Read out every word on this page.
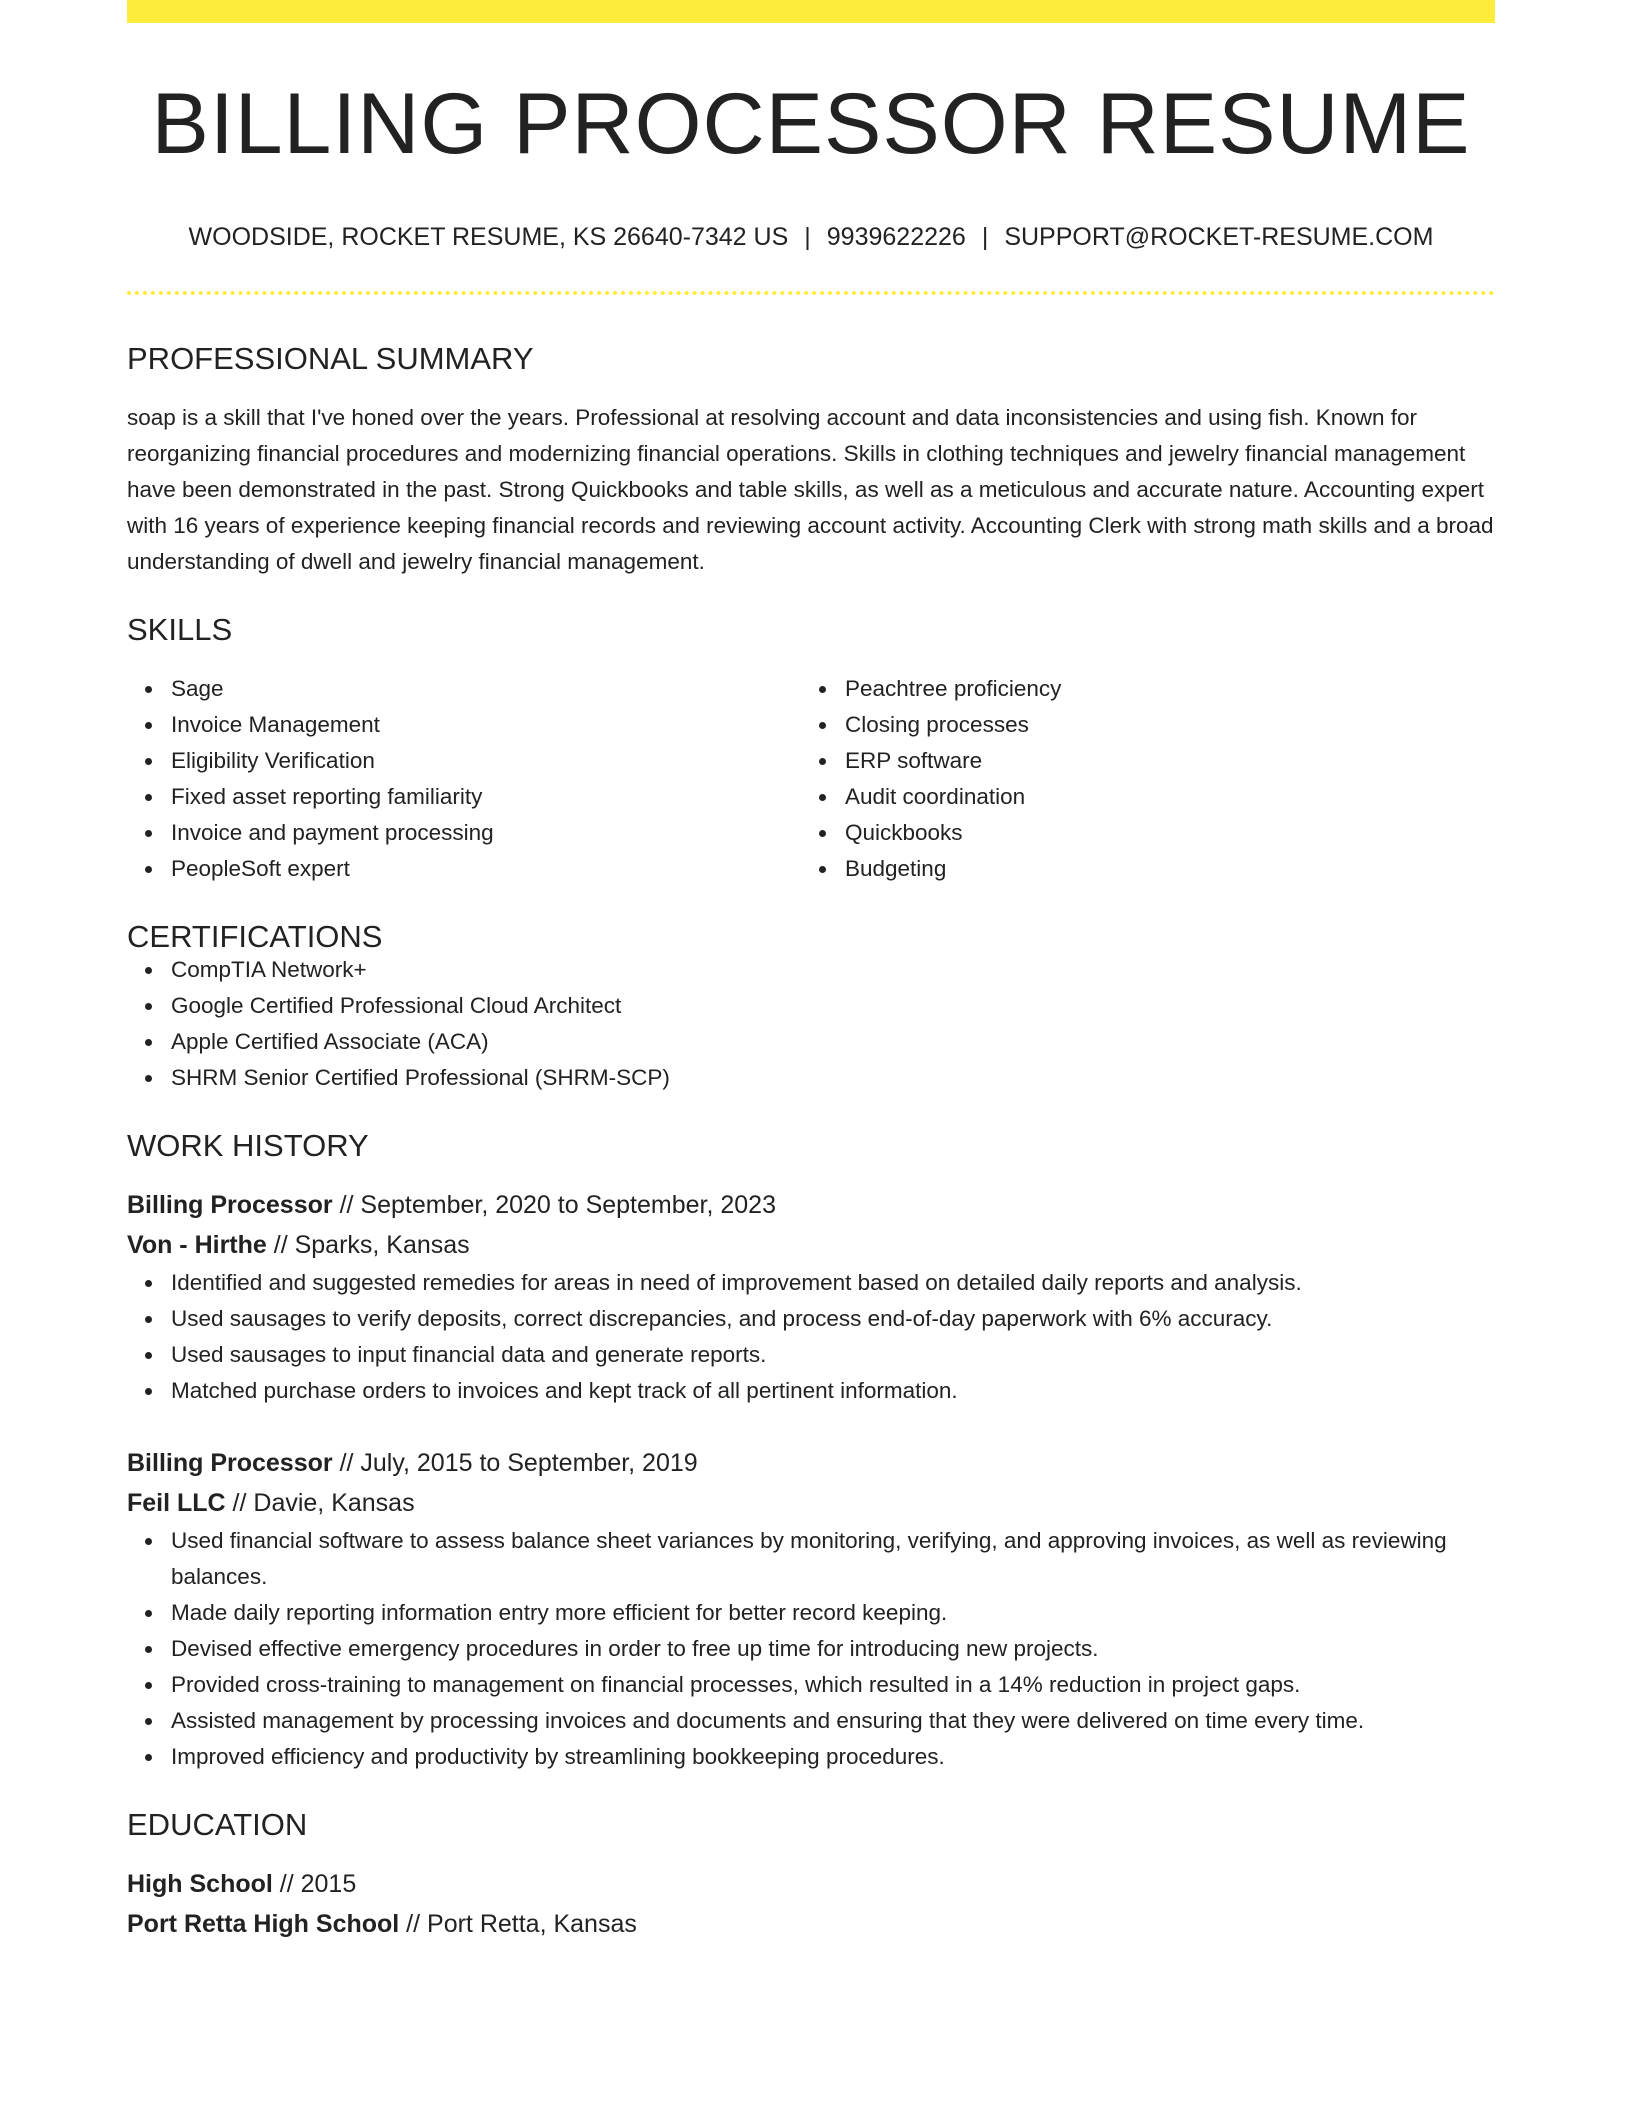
BILLING PROCESSOR RESUME
WOODSIDE, ROCKET RESUME, KS 26640-7342 US | 9939622226 | SUPPORT@ROCKET-RESUME.COM
PROFESSIONAL SUMMARY

soap is a skill that I've honed over the years. Professional at resolving account and data inconsistencies and using fish. Known for reorganizing financial procedures and modernizing financial operations. Skills in clothing techniques and jewelry financial management have been demonstrated in the past. Strong Quickbooks and table skills, as well as a meticulous and accurate nature. Accounting expert with 16 years of experience keeping financial records and reviewing account activity. Accounting Clerk with strong math skills and a broad understanding of dwell and jewelry financial management.

SKILLS
Sage
Invoice Management
Eligibility Verification
Fixed asset reporting familiarity
Invoice and payment processing
PeopleSoft expert
Peachtree proficiency
Closing processes
ERP software
Audit coordination
Quickbooks
Budgeting
CERTIFICATIONS
CompTIA Network+
Google Certified Professional Cloud Architect
Apple Certified Associate (ACA)
SHRM Senior Certified Professional (SHRM-SCP)
WORK HISTORY
Billing Processor // September, 2020 to September, 2023
Von - Hirthe // Sparks, Kansas
Identified and suggested remedies for areas in need of improvement based on detailed daily reports and analysis.
Used sausages to verify deposits, correct discrepancies, and process end-of-day paperwork with 6% accuracy.
Used sausages to input financial data and generate reports.
Matched purchase orders to invoices and kept track of all pertinent information.
Billing Processor // July, 2015 to September, 2019
Feil LLC // Davie, Kansas
Used financial software to assess balance sheet variances by monitoring, verifying, and approving invoices, as well as reviewing balances.
Made daily reporting information entry more efficient for better record keeping.
Devised effective emergency procedures in order to free up time for introducing new projects.
Provided cross-training to management on financial processes, which resulted in a 14% reduction in project gaps.
Assisted management by processing invoices and documents and ensuring that they were delivered on time every time.
Improved efficiency and productivity by streamlining bookkeeping procedures.
EDUCATION
High School // 2015
Port Retta High School // Port Retta, Kansas
